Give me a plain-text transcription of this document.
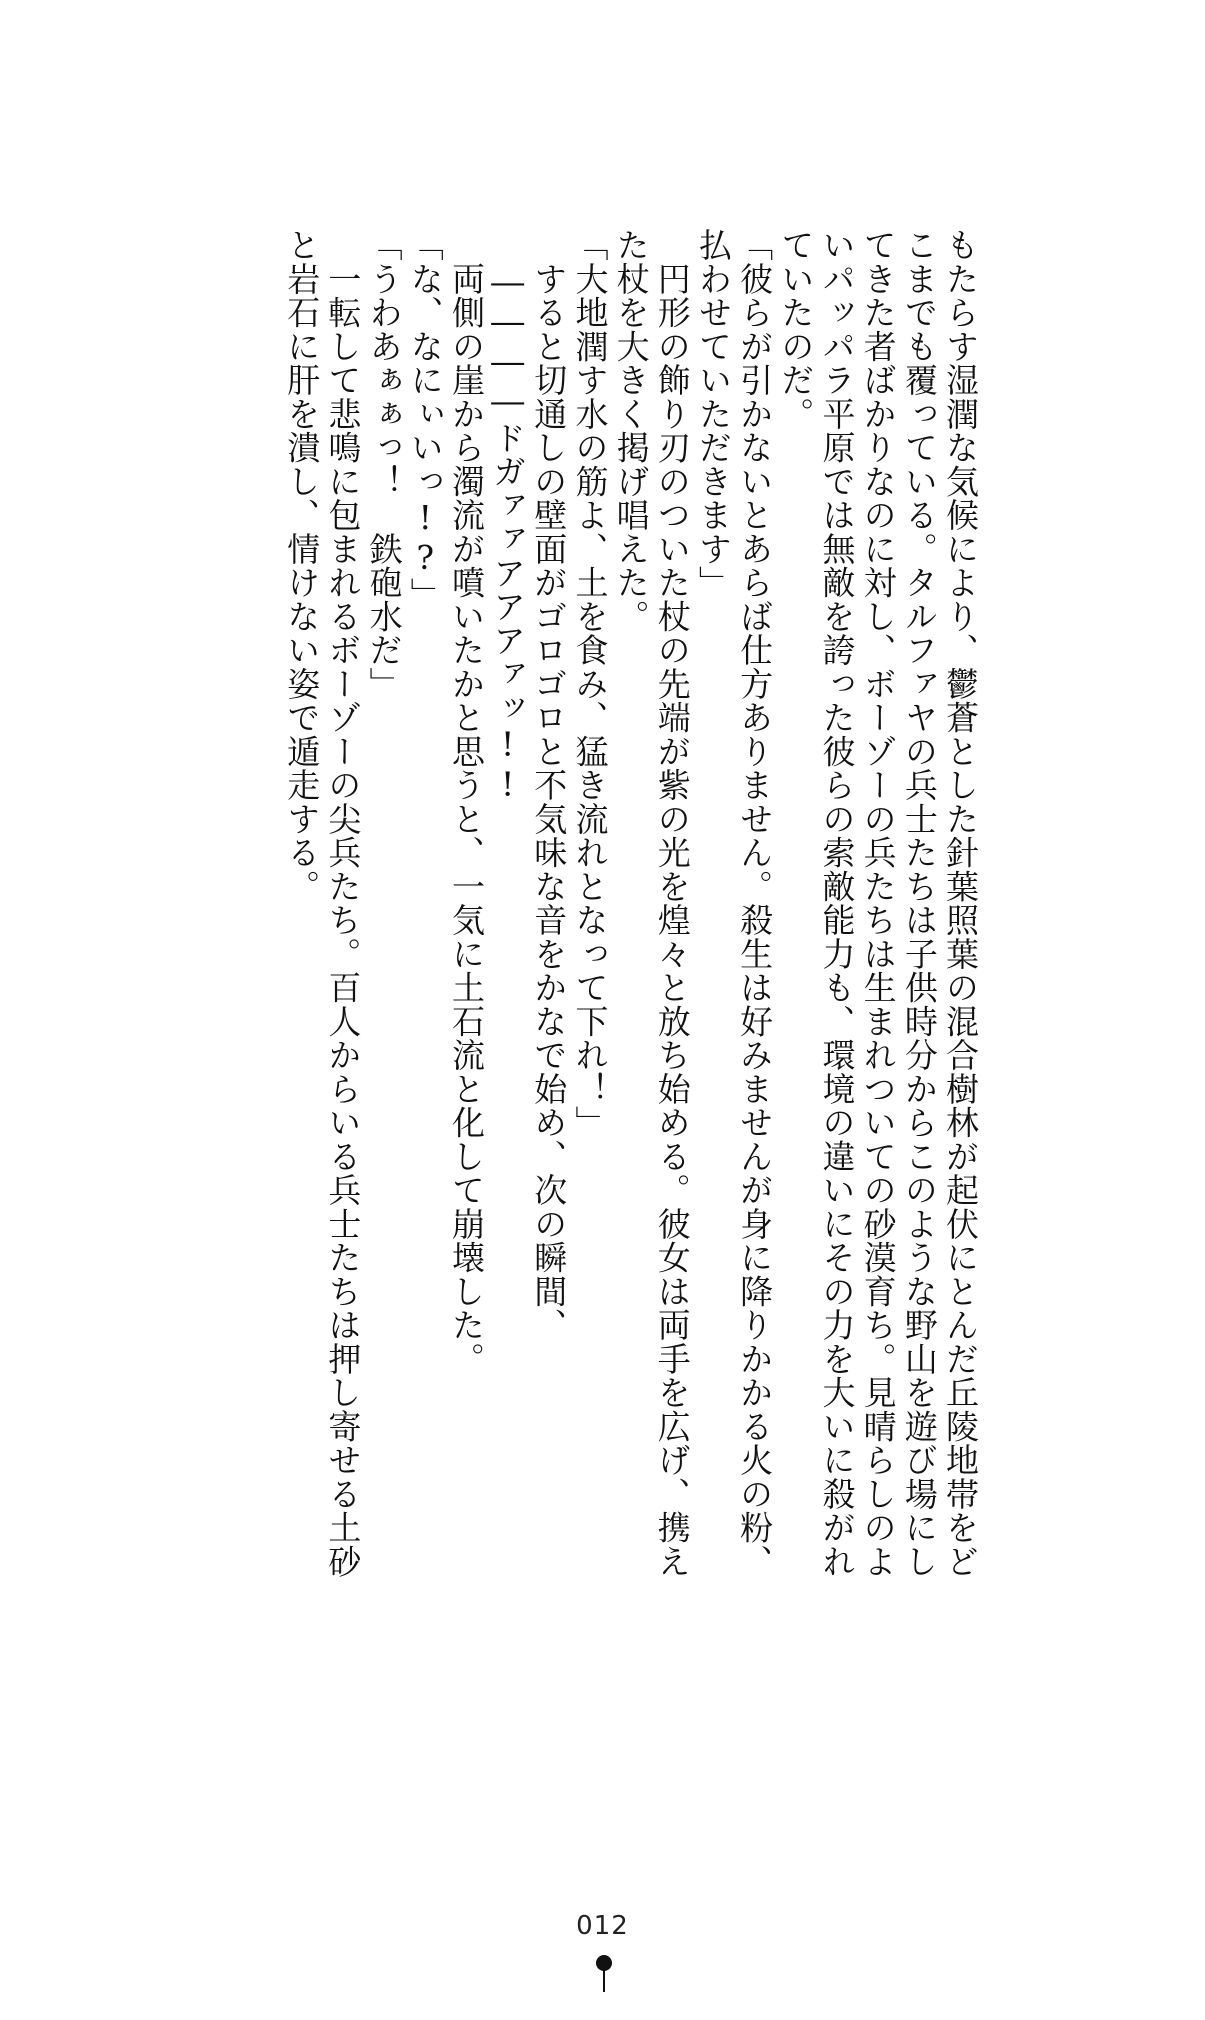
もたらす湿潤な気候により、鬱蒼とした針葉照葉の混合樹林が起伏にとんだ丘陵地帯をど
こまでも覆っている。タルファヤの兵士たちは子供時分からこのような野山を遊び場にし
てきた者ばかりなのに対し、ボーゾーの兵たちは生まれついての砂漠育ち。見晴らしのよ
いパッパラ平原では無敵を誇った彼らの索敵能力も、環境の違いにその力を大いに殺がれ
ていたのだ。
「彼らが引かないとあらば仕方ありません。殺生は好みませんが身に降りかかる火の粉、
払わせていただきます」
　円形の飾り刃のついた杖の先端が紫の光を煌々と放ち始める。彼女は両手を広げ、携え
た杖を大きく掲げ唱えた。
「大地潤す水の筋よ、土を食み、猛き流れとなって下れ！」
　すると切通しの壁面がゴロゴロと不気味な音をかなで始め、次の瞬間、
　――――ドガァァアアアァッ!!
　両側の崖から濁流が噴いたかと思うと、一気に土石流と化して崩壊した。
「な、なにぃいっ!?」
「うわあぁぁっ！　鉄砲水だ」
　一転して悲鳴に包まれるボーゾーの尖兵たち。百人からいる兵士たちは押し寄せる土砂
と岩石に肝を潰し、情けない姿で遁走する。
012
